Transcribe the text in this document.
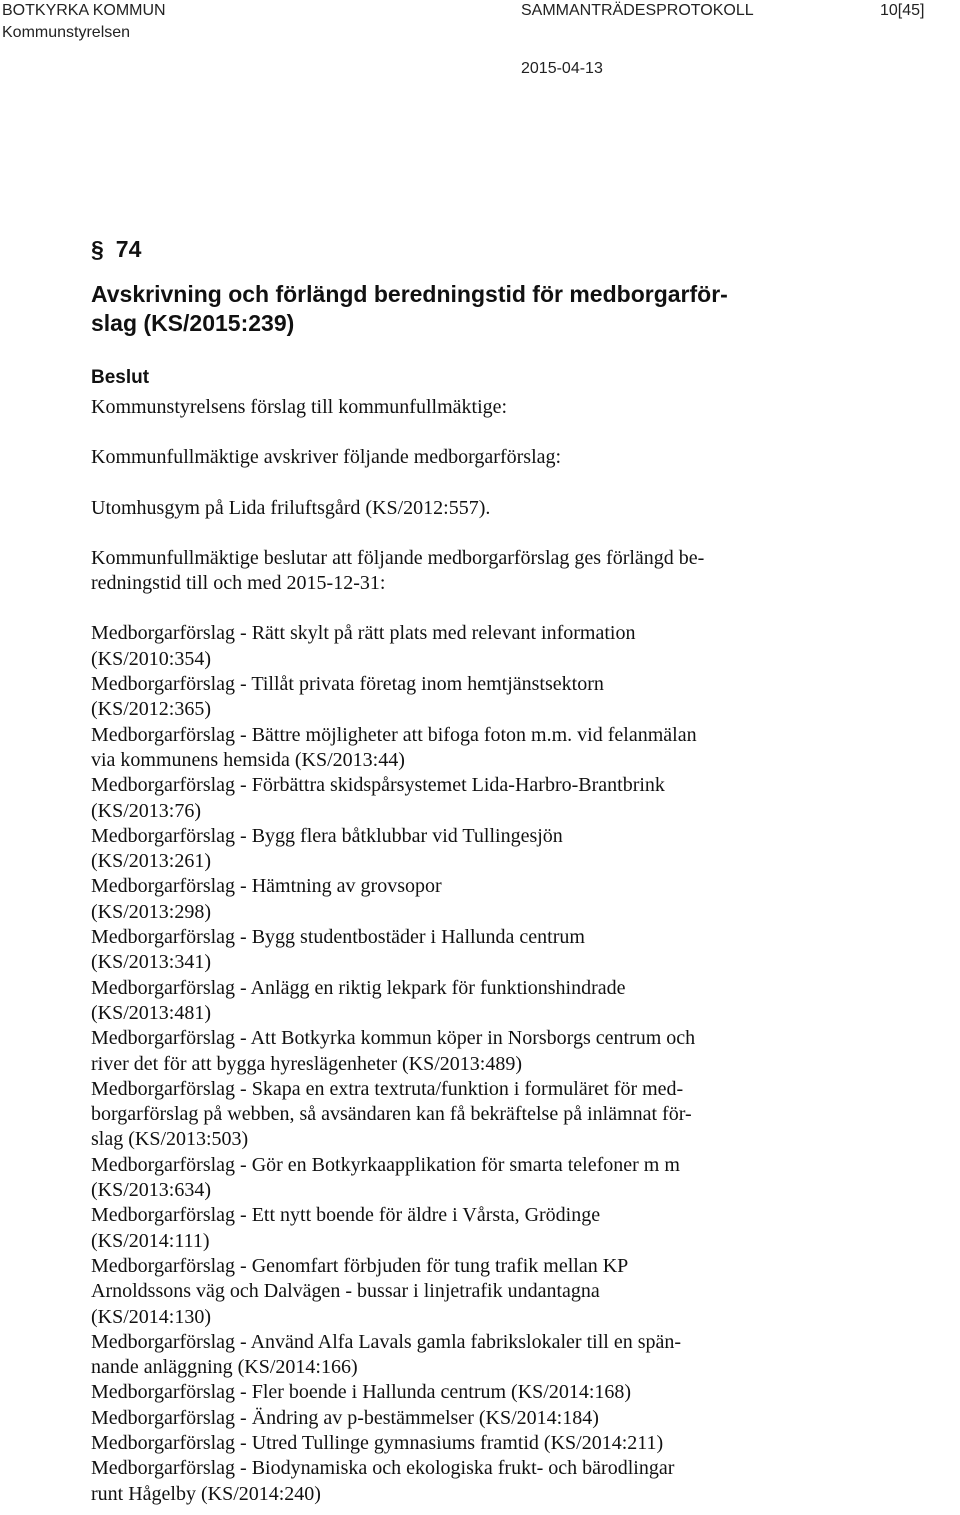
BOTKYRKA KOMMUN	SAMMANTRÄDESPROTOKOLL	10[45]
Kommunstyrelsen
2015-04-13
§ 74
Avskrivning och förlängd beredningstid för medborgarför-
slag (KS/2015:239)
Beslut

Kommunstyrelsens förslag till kommunfullmäktige:

Kommunfullmäktige avskriver följande medborgarförslag:

Utomhusgym på Lida friluftsgård (KS/2012:557).

Kommunfullmäktige beslutar att följande medborgarförslag ges förlängd be-
redningstid till och med 2015-12-31:

Medborgarförslag - Rätt skylt på rätt plats med relevant information
(KS/2010:354)
Medborgarförslag - Tillåt privata företag inom hemtjänstsektorn
(KS/2012:365)
Medborgarförslag - Bättre möjligheter att bifoga foton m.m. vid felanmälan
via kommunens hemsida (KS/2013:44)
Medborgarförslag - Förbättra skidspårsystemet Lida-Harbro-Brantbrink
(KS/2013:76)
Medborgarförslag - Bygg flera båtklubbar vid Tullingesjön
(KS/2013:261)
Medborgarförslag - Hämtning av grovsopor
(KS/2013:298)
Medborgarförslag - Bygg studentbostäder i Hallunda centrum
(KS/2013:341)
Medborgarförslag - Anlägg en riktig lekpark för funktionshindrade
(KS/2013:481)
Medborgarförslag - Att Botkyrka kommun köper in Norsborgs centrum och
river det för att bygga hyreslägenheter (KS/2013:489)
Medborgarförslag - Skapa en extra textruta/funktion i formuläret för med-
borgarförslag på webben, så avsändaren kan få bekräftelse på inlämnat för-
slag (KS/2013:503)
Medborgarförslag - Gör en Botkyrkaapplikation för smarta telefoner m m
(KS/2013:634)
Medborgarförslag - Ett nytt boende för äldre i Vårsta, Grödinge
(KS/2014:111)
Medborgarförslag - Genomfart förbjuden för tung trafik mellan KP
Arnoldssons väg och Dalvägen - bussar i linjetrafik undantagna
(KS/2014:130)
Medborgarförslag - Använd Alfa Lavals gamla fabrikslokaler till en spän-
nande anläggning (KS/2014:166)
Medborgarförslag - Fler boende i Hallunda centrum (KS/2014:168)
Medborgarförslag - Ändring av p-bestämmelser (KS/2014:184)
Medborgarförslag - Utred Tullinge gymnasiums framtid (KS/2014:211)
Medborgarförslag - Biodynamiska och ekologiska frukt- och bärodlingar
runt Hågelby (KS/2014:240)
